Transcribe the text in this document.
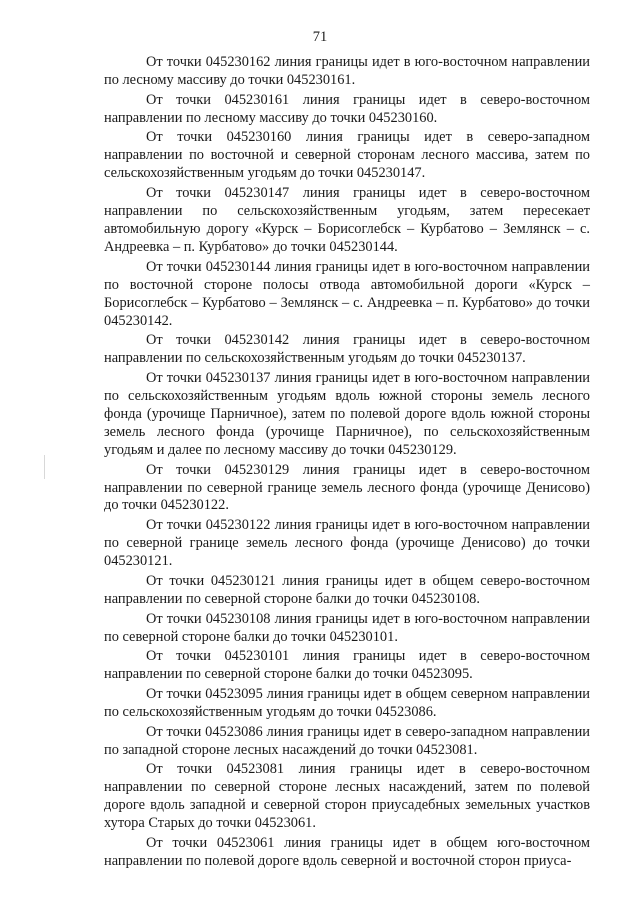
71

От точки 045230162 линия границы идет в юго-восточном направлении по лесному массиву до точки 045230161.

От точки 045230161 линия границы идет в северо-восточном направлении по лесному массиву до точки 045230160.

От точки 045230160 линия границы идет в северо-западном направлении по восточной и северной сторонам лесного массива, затем по сельскохозяйственным угодьям до точки 045230147.

От точки 045230147 линия границы идет в северо-восточном направлении по сельскохозяйственным угодьям, затем пересекает автомобильную дорогу «Курск – Борисоглебск – Курбатово – Землянск – с. Андреевка – п. Курбатово» до точки 045230144.

От точки 045230144 линия границы идет в юго-восточном направлении по восточной стороне полосы отвода автомобильной дороги «Курск – Борисоглебск – Курбатово – Землянск – с. Андреевка – п. Курбатово» до точки 045230142.

От точки 045230142 линия границы идет в северо-восточном направлении по сельскохозяйственным угодьям до точки 045230137.

От точки 045230137 линия границы идет в юго-восточном направлении по сельскохозяйственным угодьям вдоль южной стороны земель лесного фонда (урочище Парничное), затем по полевой дороге вдоль южной стороны земель лесного фонда (урочище Парничное), по сельскохозяйственным угодьям и далее по лесному массиву до точки 045230129.

От точки 045230129 линия границы идет в северо-восточном направлении по северной границе земель лесного фонда (урочище Денисово) до точки 045230122.

От точки 045230122 линия границы идет в юго-восточном направлении по северной границе земель лесного фонда (урочище Денисово) до точки 045230121.

От точки 045230121 линия границы идет в общем северо-восточном направлении по северной стороне балки до точки 045230108.

От точки 045230108 линия границы идет в юго-восточном направлении по северной стороне балки до точки 045230101.

От точки 045230101 линия границы идет в северо-восточном направлении по северной стороне балки до точки 04523095.

От точки 04523095 линия границы идет в общем северном направлении по сельскохозяйственным угодьям до точки 04523086.

От точки 04523086 линия границы идет в северо-западном направлении по западной стороне лесных насаждений до точки 04523081.

От точки 04523081 линия границы идет в северо-восточном направлении по северной стороне лесных насаждений, затем по полевой дороге вдоль западной и северной сторон приусадебных земельных участков хутора Старых до точки 04523061.

От точки 04523061 линия границы идет в общем юго-восточном направлении по полевой дороге вдоль северной и восточной сторон приуса-
